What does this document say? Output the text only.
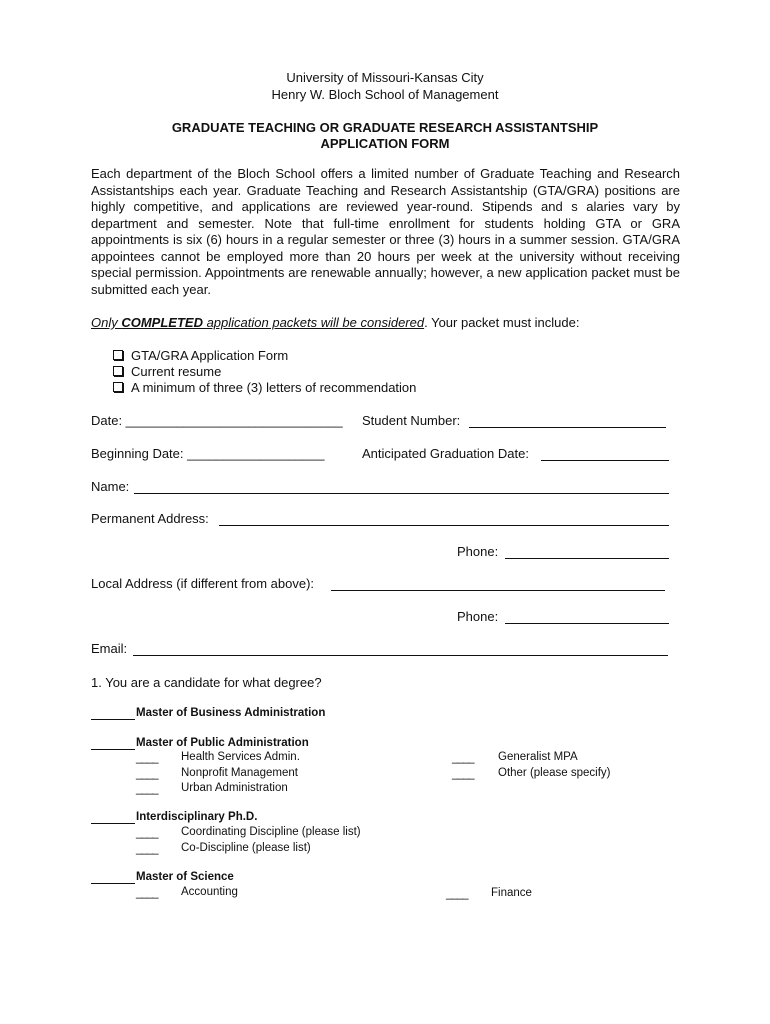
University of Missouri-Kansas City
Henry W. Bloch School of Management
GRADUATE TEACHING OR GRADUATE RESEARCH ASSISTANTSHIP
APPLICATION FORM

Each department of the Bloch School offers a limited number of Graduate Teaching and Research Assistantships each year. Graduate Teaching and Research Assistantship (GTA/GRA) positions are highly competitive, and applications are reviewed year-round. Stipends and s alaries vary by department and semester. Note that full-time enrollment for students holding GTA or GRA appointments is six (6) hours in a regular semester or three (3) hours in a summer session. GTA/GRA appointees cannot be employed more than 20 hours per week at the university without receiving special permission. Appointments are renewable annually; however, a new application packet must be submitted each year.

Only COMPLETED application packets will be considered. Your packet must include:
GTA/GRA Application Form
Current resume
A minimum of three (3) letters of recommendation
Date: ______________________________ Student Number:
Beginning Date: ___________________	Anticipated Graduation Date:
Name:
Permanent Address:
Phone:
Local Address (if different from above):
Phone:
Email:
1. You are a candidate for what degree?
Master of Business Administration
Master of Public Administration
____ Health Services Admin.
____ Nonprofit Management
____ Urban Administration
____ Generalist MPA
____ Other (please specify)
Interdisciplinary Ph.D.
____ Coordinating Discipline (please list)
____ Co-Discipline (please list)
Master of Science
____ Accounting	____ Finance
